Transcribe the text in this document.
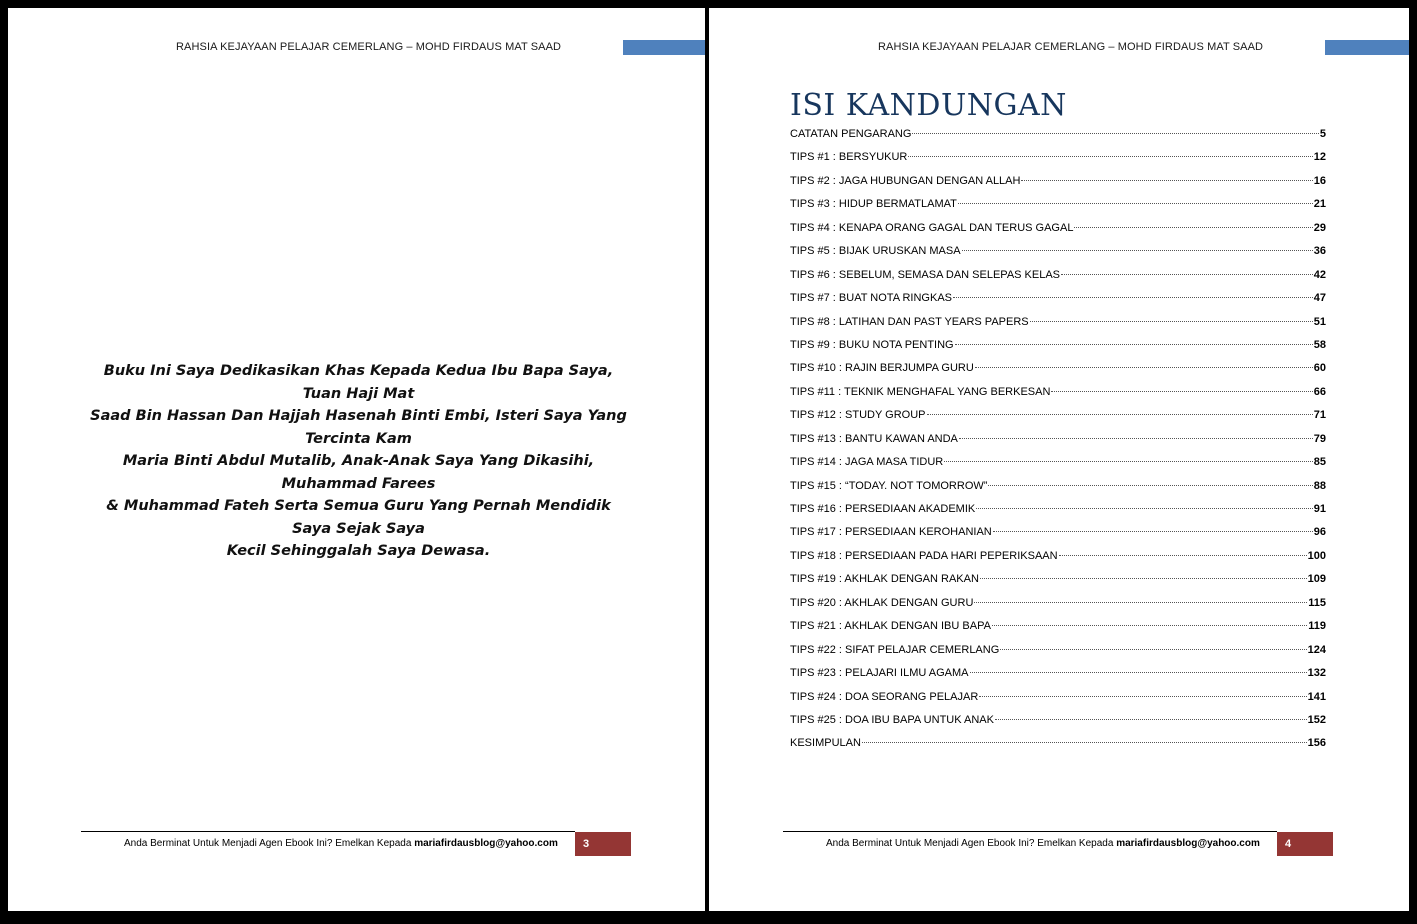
RAHSIA KEJAYAAN PELAJAR CEMERLANG – MOHD FIRDAUS MAT SAAD
Buku Ini Saya Dedikasikan Khas Kepada Kedua Ibu Bapa Saya, Tuan Haji Mat
Saad Bin Hassan Dan Hajjah Hasenah Binti Embi, Isteri Saya Yang Tercinta Kam
Maria Binti Abdul Mutalib, Anak-Anak Saya Yang Dikasihi, Muhammad Farees
& Muhammad Fateh Serta Semua Guru Yang Pernah Mendidik Saya Sejak Saya
Kecil Sehinggalah Saya Dewasa.
Anda Berminat Untuk Menjadi Agen Ebook Ini? Emelkan Kepada mariafirdausblog@yahoo.com	3
RAHSIA KEJAYAAN PELAJAR CEMERLANG – MOHD FIRDAUS MAT SAAD
ISI KANDUNGAN
CATATAN PENGARANG	5
TIPS #1 : BERSYUKUR	12
TIPS #2 : JAGA HUBUNGAN DENGAN ALLAH	16
TIPS #3 : HIDUP BERMATLAMAT	21
TIPS #4 : KENAPA ORANG GAGAL DAN TERUS GAGAL	29
TIPS #5 : BIJAK URUSKAN MASA	36
TIPS #6 : SEBELUM, SEMASA DAN SELEPAS KELAS	42
TIPS #7 : BUAT NOTA RINGKAS	47
TIPS #8 : LATIHAN DAN PAST YEARS PAPERS	51
TIPS #9 : BUKU NOTA PENTING	58
TIPS #10 : RAJIN BERJUMPA GURU	60
TIPS #11 : TEKNIK MENGHAFAL YANG BERKESAN	66
TIPS #12 : STUDY GROUP	71
TIPS #13 : BANTU KAWAN ANDA	79
TIPS #14 : JAGA MASA TIDUR	85
TIPS #15 : “TODAY. NOT TOMORROW”	88
TIPS #16 : PERSEDIAAN AKADEMIK	91
TIPS #17 : PERSEDIAAN KEROHANIAN	96
TIPS #18 : PERSEDIAAN PADA HARI PEPERIKSAAN	100
TIPS #19 : AKHLAK DENGAN RAKAN	109
TIPS #20 : AKHLAK DENGAN GURU	115
TIPS #21 : AKHLAK DENGAN IBU BAPA	119
TIPS #22 : SIFAT PELAJAR CEMERLANG	124
TIPS #23 : PELAJARI ILMU AGAMA	132
TIPS #24 : DOA SEORANG PELAJAR	141
TIPS #25 : DOA IBU BAPA UNTUK ANAK	152
KESIMPULAN	156
Anda Berminat Untuk Menjadi Agen Ebook Ini? Emelkan Kepada mariafirdausblog@yahoo.com	4
